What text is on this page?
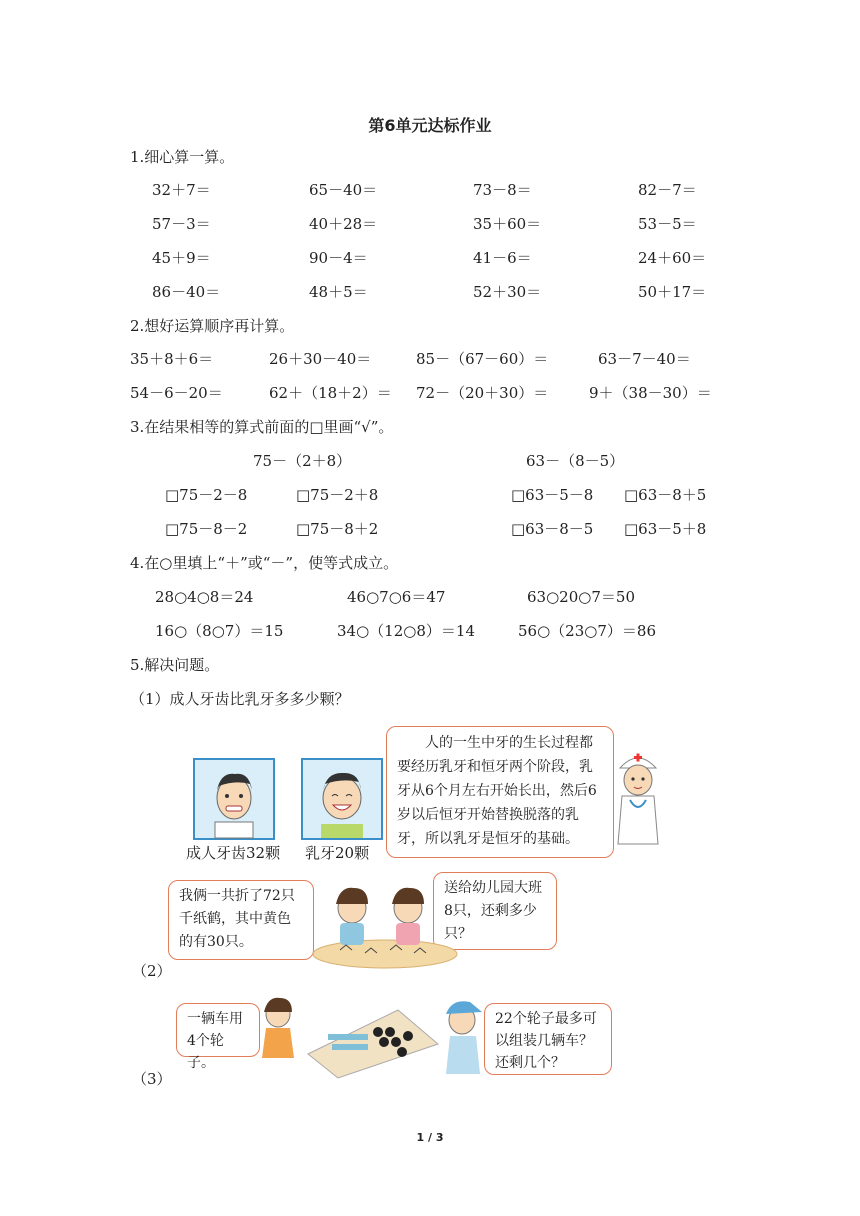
第6单元达标作业
1.细心算一算。
32＋7＝	65－40＝	73－8＝	82－7＝
57－3＝	40＋28＝	35＋60＝	53－5＝
45＋9＝	90－4＝	41－6＝	24＋60＝
86－40＝	48＋5＝	52＋30＝	50＋17＝
2.想好运算顺序再计算。
35＋8＋6＝	26＋30－40＝	85－（67－60）＝	63－7－40＝
54－6－20＝	62＋（18＋2）＝ 72－（20＋30）＝	9＋（38－30）＝
3.在结果相等的算式前面的□里画“√”。
75－（2＋8）	63－（8－5）
□75－2－8	□75－2＋8	□63－5－8 □63－8＋5
□75－8－2	□75－8＋2	□63－8－5 □63－5＋8
4.在○里填上“＋”或“－”，使等式成立。
28○4○8＝24	46○7○6＝47	63○20○7＝50
16○（8○7）＝15	34○（12○8）＝14	56○（23○7）＝86
5.解决问题。
（1）成人牙齿比乳牙多多少颗？
成人牙齿32颗 乳牙20颗
人的一生中牙的生长过程都要经历乳牙和恒牙两个阶段，乳牙从6个月左右开始长出，然后6岁以后恒牙开始替换脱落的乳牙，所以乳牙是恒牙的基础。
（2）
我俩一共折了72只千纸鹤，其中黄色的有30只。
送给幼儿园大班8只，还剩多少只？
（3）
一辆车用4个轮子。
22个轮子最多可以组装几辆车？还剩几个？
1 / 3
